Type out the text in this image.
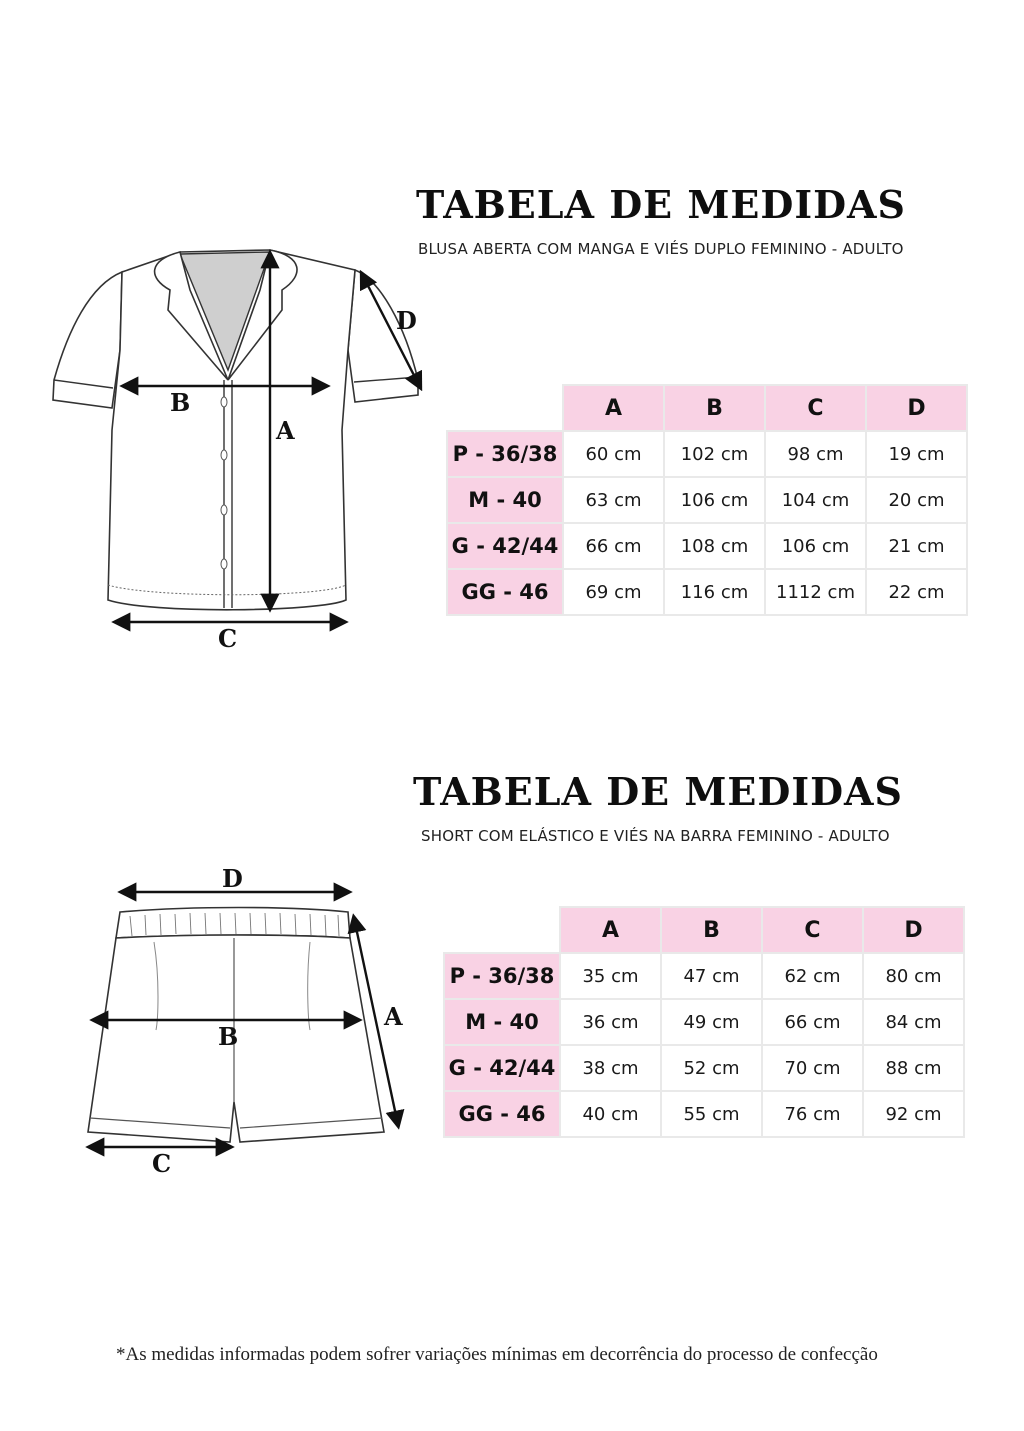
TABELA DE MEDIDAS
BLUSA ABERTA COM MANGA E VIÉS DUPLO FEMININO - ADULTO
A
B
C
D
	A	B	C	D
P - 36/38	60 cm	102 cm	98 cm	19 cm
M - 40	63 cm	106 cm	104 cm	20 cm
G - 42/44	66 cm	108 cm	106 cm	21 cm
GG - 46	69 cm	116 cm	1112 cm	22 cm
TABELA DE MEDIDAS
SHORT COM ELÁSTICO E VIÉS NA BARRA FEMININO - ADULTO
A
B
C
D
	A	B	C	D
P - 36/38	35 cm	47 cm	62 cm	80 cm
M - 40	36 cm	49 cm	66 cm	84 cm
G - 42/44	38 cm	52 cm	70 cm	88 cm
GG - 46	40 cm	55 cm	76 cm	92 cm
*As medidas informadas podem sofrer variações mínimas em decorrência do processo de confecção
